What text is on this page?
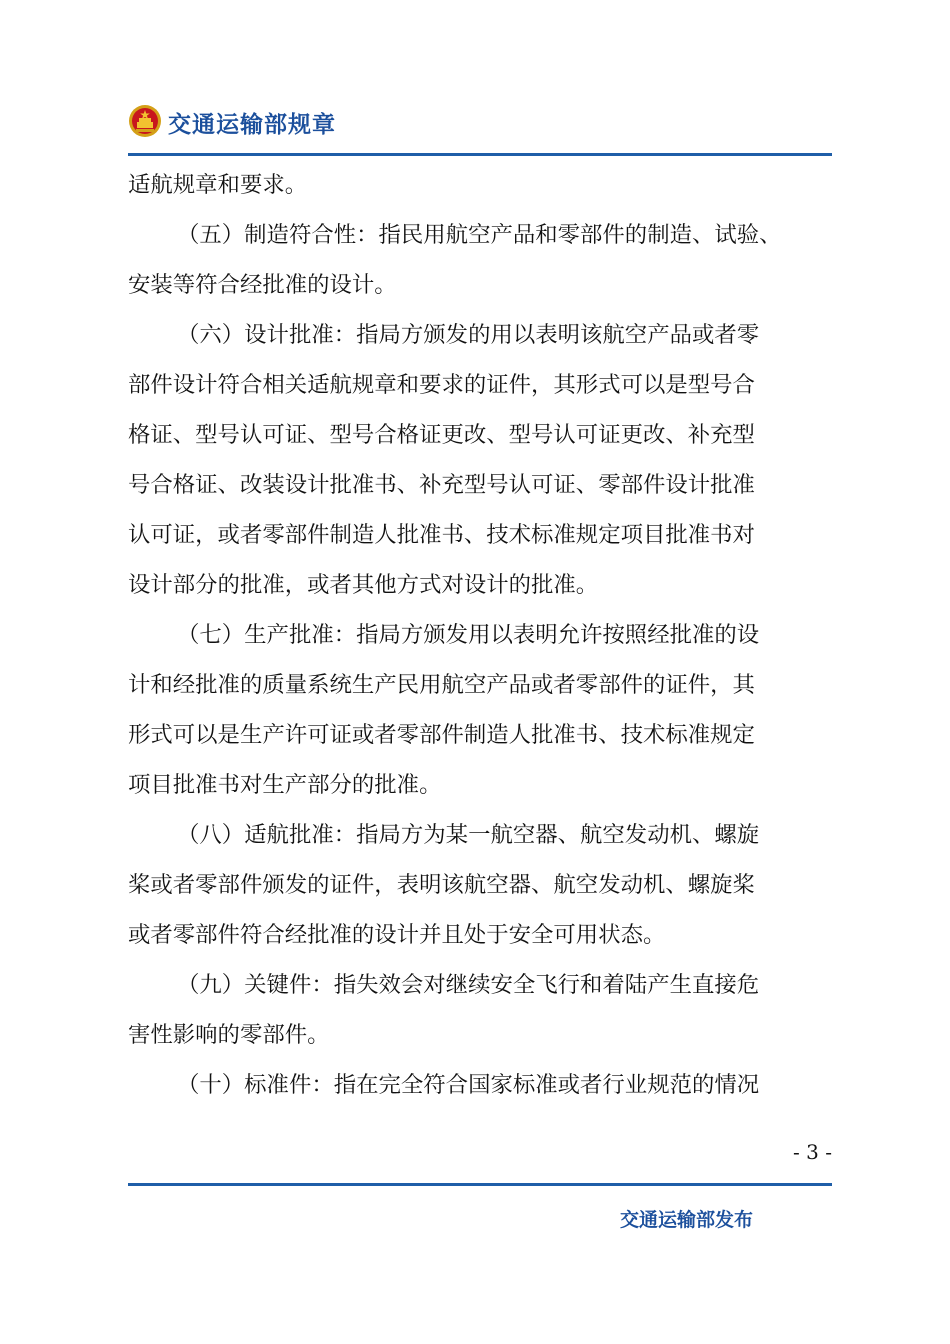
交通运输部规章
适航规章和要求。
（五）制造符合性：指民用航空产品和零部件的制造、试验、
安装等符合经批准的设计。
（六）设计批准：指局方颁发的用以表明该航空产品或者零
部件设计符合相关适航规章和要求的证件，其形式可以是型号合
格证、型号认可证、型号合格证更改、型号认可证更改、补充型
号合格证、改装设计批准书、补充型号认可证、零部件设计批准
认可证，或者零部件制造人批准书、技术标准规定项目批准书对
设计部分的批准，或者其他方式对设计的批准。
（七）生产批准：指局方颁发用以表明允许按照经批准的设
计和经批准的质量系统生产民用航空产品或者零部件的证件，其
形式可以是生产许可证或者零部件制造人批准书、技术标准规定
项目批准书对生产部分的批准。
（八）适航批准：指局方为某一航空器、航空发动机、螺旋
桨或者零部件颁发的证件，表明该航空器、航空发动机、螺旋桨
或者零部件符合经批准的设计并且处于安全可用状态。
（九）关键件：指失效会对继续安全飞行和着陆产生直接危
害性影响的零部件。
（十）标准件：指在完全符合国家标准或者行业规范的情况
- 3 -
交通运输部发布
